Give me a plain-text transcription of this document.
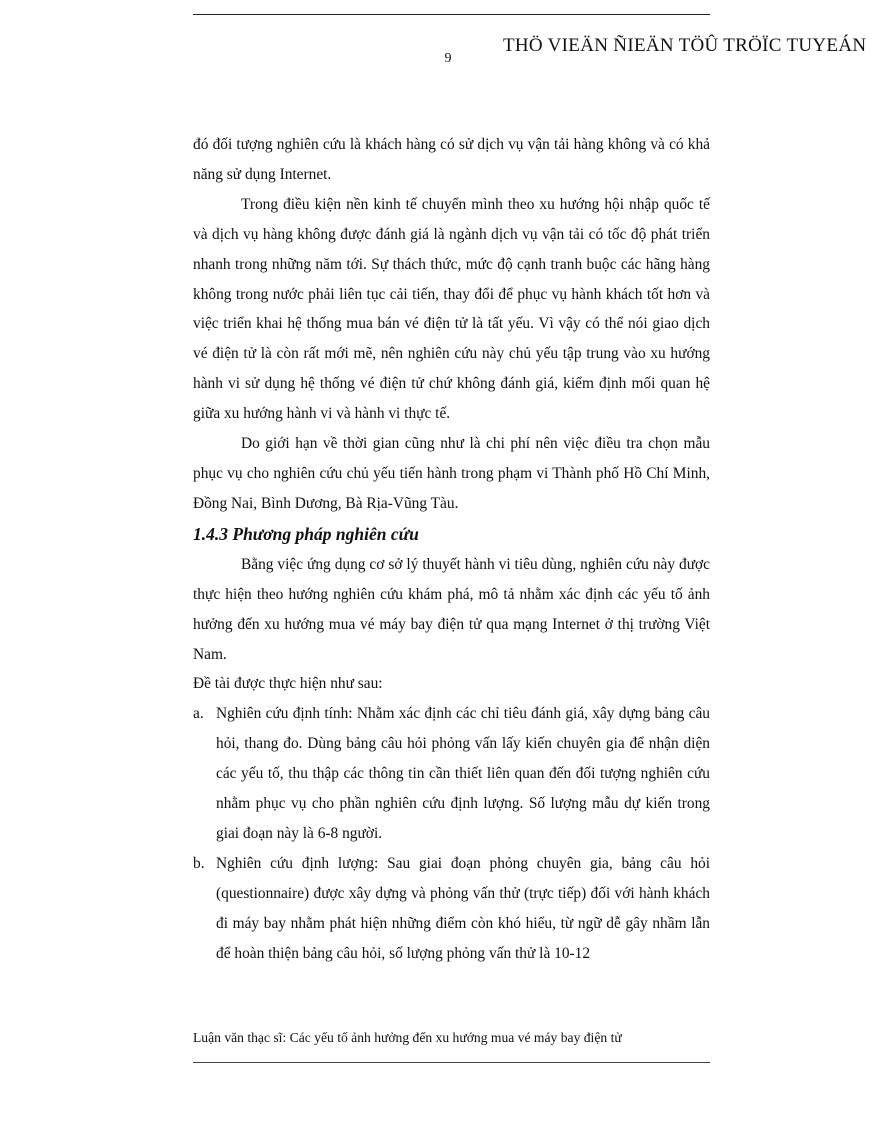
9
THÖ VIEÄN ÑIEÄN TÖÛ TRÖÏC TUYEÁN

đó đối tượng nghiên cứu là khách hàng có sử dịch vụ vận tải hàng không và có khả năng sử dụng Internet.

Trong điều kiện nền kinh tế chuyển mình theo xu hướng hội nhập quốc tế và dịch vụ hàng không được đánh giá là ngành dịch vụ vận tải có tốc độ phát triển nhanh trong những năm tới. Sự thách thức, mức độ cạnh tranh buộc các hãng hàng không trong nước phải liên tục cải tiến, thay đổi để phục vụ hành khách tốt hơn và việc triển khai hệ thống mua bán vé điện tử là tất yếu. Vì vậy có thể nói giao dịch vé điện tử là còn rất mới mẽ, nên nghiên cứu này chủ yếu tập trung vào xu hướng hành vi sử dụng hệ thống vé điện tử chứ không đánh giá, kiểm định mối quan hệ giữa xu hướng hành vi và hành vi thực tế.

Do giới hạn về thời gian cũng như là chi phí nên việc điều tra chọn mẫu phục vụ cho nghiên cứu chủ yếu tiến hành trong phạm vi Thành phố Hồ Chí Minh, Đồng Nai, Bình Dương, Bà Rịa-Vũng Tàu.

1.4.3 Phương pháp nghiên cứu

Bằng việc ứng dụng cơ sở lý thuyết hành vi tiêu dùng, nghiên cứu này được thực hiện theo hướng nghiên cứu khám phá, mô tả nhằm xác định các yếu tố ảnh hưởng đến xu hướng mua vé máy bay điện tử qua mạng Internet ở thị trường Việt Nam.

Đề tài được thực hiện như sau:

a. Nghiên cứu định tính: Nhằm xác định các chỉ tiêu đánh giá, xây dựng bảng câu hỏi, thang đo. Dùng bảng câu hỏi phỏng vấn lấy kiến chuyên gia để nhận diện các yếu tố, thu thập các thông tin cần thiết liên quan đến đối tượng nghiên cứu nhằm phục vụ cho phần nghiên cứu định lượng. Số lượng mẫu dự kiến trong giai đoạn này là 6-8 người.
b. Nghiên cứu định lượng: Sau giai đoạn phỏng chuyên gia, bảng câu hỏi (questionnaire) được xây dựng và phỏng vấn thử (trực tiếp) đối với hành khách đi máy bay nhằm phát hiện những điểm còn khó hiểu, từ ngữ dễ gây nhầm lẫn để hoàn thiện bảng câu hỏi, số lượng phỏng vấn thử là 10-12
Luận văn thạc sĩ: Các yếu tố ảnh hưởng đến xu hướng mua vé máy bay điện tử
